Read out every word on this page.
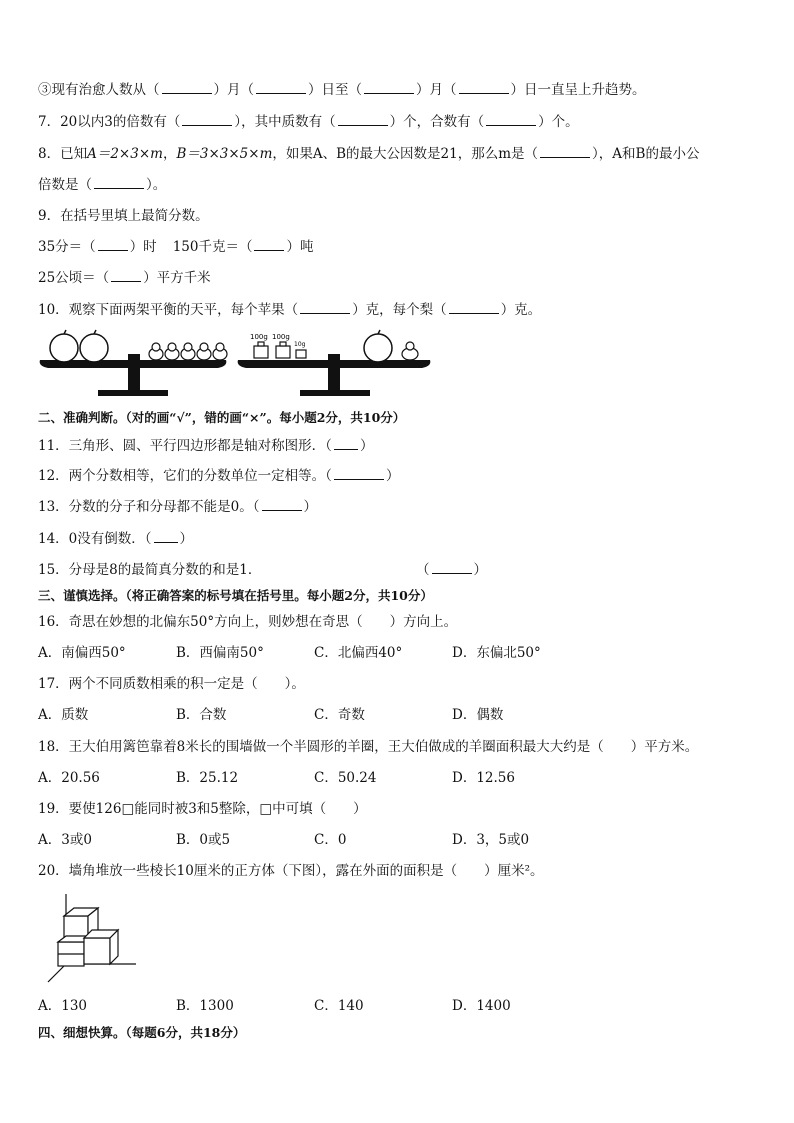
③现有治愈人数从（	）月（	）日至（	）月（	）日一直呈上升趋势。
7．20以内3的倍数有（	），其中质数有（	）个，合数有（	）个。
8．已知A＝2×3×m，B＝3×3×5×m，如果A、B的最大公因数是21，那么m是（	），A和B的最小公
倍数是（	）。
9．在括号里填上最简分数。
35分＝（	）时 150千克＝（	）吨
25公顷＝（	）平方千米
10．观察下面两架平衡的天平，每个苹果（	）克，每个梨（	）克。
100g 100g
10g
二、准确判断。（对的画“√”，错的画“×”。每小题2分，共10分）
11．三角形、圆、平行四边形都是轴对称图形．（ ）
12．两个分数相等，它们的分数单位一定相等。（	）
13．分数的分子和分母都不能是0。（	）
14．0没有倒数．（ ）
15．分母是8的最简真分数的和是1．	（	）
三、谨慎选择。（将正确答案的标号填在括号里。每小题2分，共10分）
16．奇思在妙想的北偏东50°方向上，则妙想在奇思（　　）方向上。
A．南偏西50°	B．西偏南50°	C．北偏西40°	D．东偏北50°
17．两个不同质数相乘的积一定是（　　）。
A．质数	B．合数	C．奇数	D．偶数
18．王大伯用篱笆靠着8米长的围墙做一个半圆形的羊圈，王大伯做成的羊圈面积最大大约是（　　）平方米。
A．20.56	B．25.12	C．50.24	D．12.56
19．要使126□能同时被3和5整除，□中可填（　　）
A．3或0	B．0或5	C．0	D．3，5或0
20．墙角堆放一些棱长10厘米的正方体（下图），露在外面的面积是（　　）厘米²。
A．130	B．1300	C．140	D．1400
四、细想快算。（每题6分，共18分）
